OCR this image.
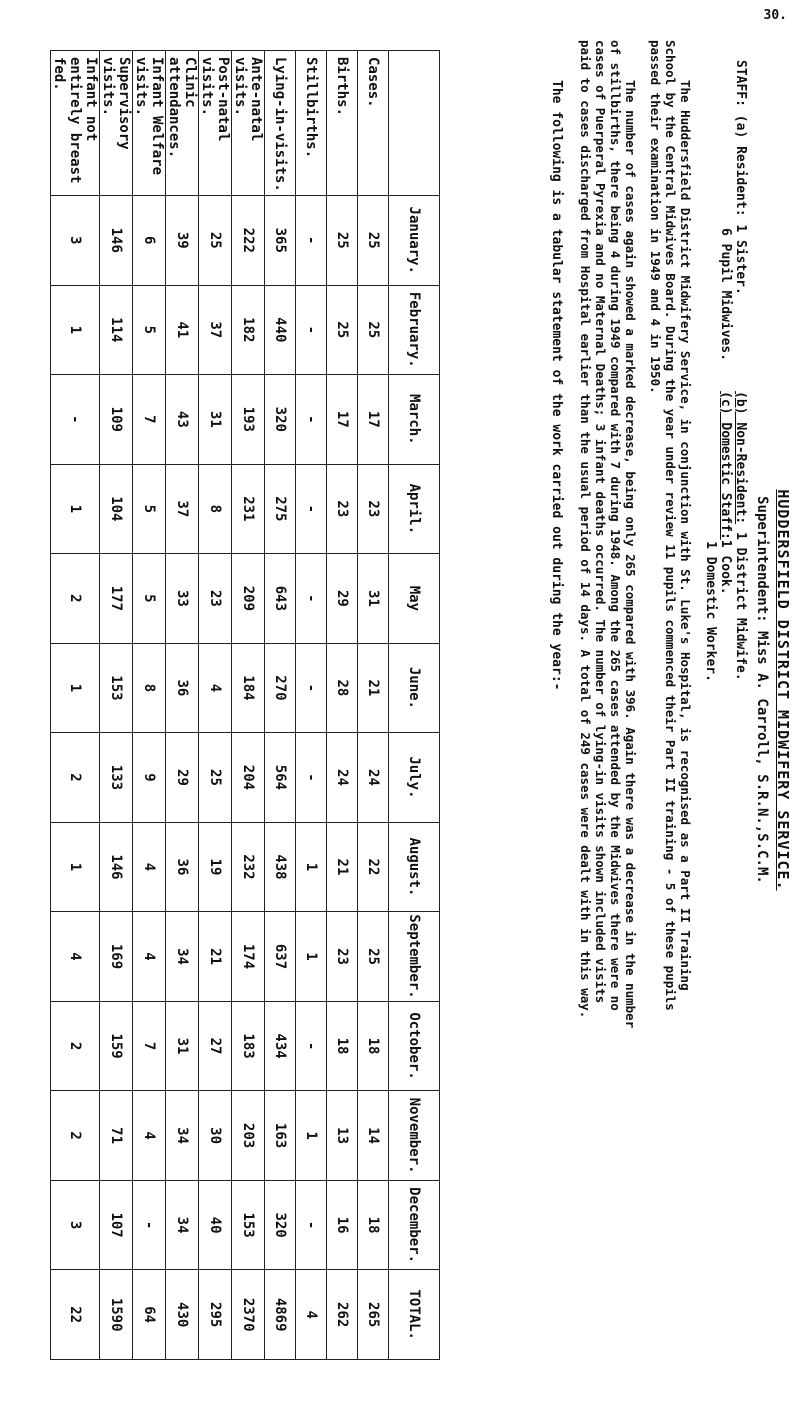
30.
HUDDERSFIELD DISTRICT MIDWIFERY SERVICE.
Superintendent: Miss A. Carroll, S.R.N.,S.C.M.
STAFF: (a) Resident: 1 Sister.
6 Pupil Midwives.
(b) Non-Resident: 1 District Midwife.
(c) Domestic Staff:1 Cook.
1 Domestic Worker.

The Huddersfield District Midwifery Service, in conjunction with St. Luke's Hospital, is recognised as a Part II Training School by the Central Midwives Board. During the year under review 11 pupils commenced their Part II training - 5 of these pupils passed their examination in 1949 and 4 in 1950.

The number of cases again showed a marked decrease, being only 265 compared with 396. Again there was a decrease in the number of stillbirths, there being 4 during 1949 compared with 7 during 1948. Among the 265 cases attended by the Midwives there were no cases of Puerperal Pyrexia and no Maternal Deaths; 3 infant deaths occurred. The number of lying-in visits shown included visits paid to cases discharged from Hospital earlier than the usual period of 14 days. A total of 249 cases were dealt with in this way.

The following is a tabular statement of the work carried out during the year:-
	January.	February.	March.	April.	May	June.	July.	August.	September.	October.	November.	December.	TOTAL.
Cases.	25	25	17	23	31	21	24	22	25	18	14	18	265
Births.	25	25	17	23	29	28	24	21	23	18	13	16	262
Stillbirths.	-	-	-	-	-	-	-	1	1	-	1	-	4
Lying-in-visits.	365	440	320	275	643	270	564	438	637	434	163	320	4869
Ante-natal visits.	222	182	193	231	209	184	204	232	174	183	203	153	2370
Post-natal visits.	25	37	31	8	23	4	25	19	21	27	30	40	295
Clinic attendances.	39	41	43	37	33	36	29	36	34	31	34	34	430
Infant Welfare visits.	6	5	7	5	5	8	9	4	4	7	4	-	64
Supervisory visits.	146	114	109	104	177	153	133	146	169	159	71	107	1590
Infant not entirely breast fed.	3	1	-	1	2	1	2	1	4	2	2	3	22
